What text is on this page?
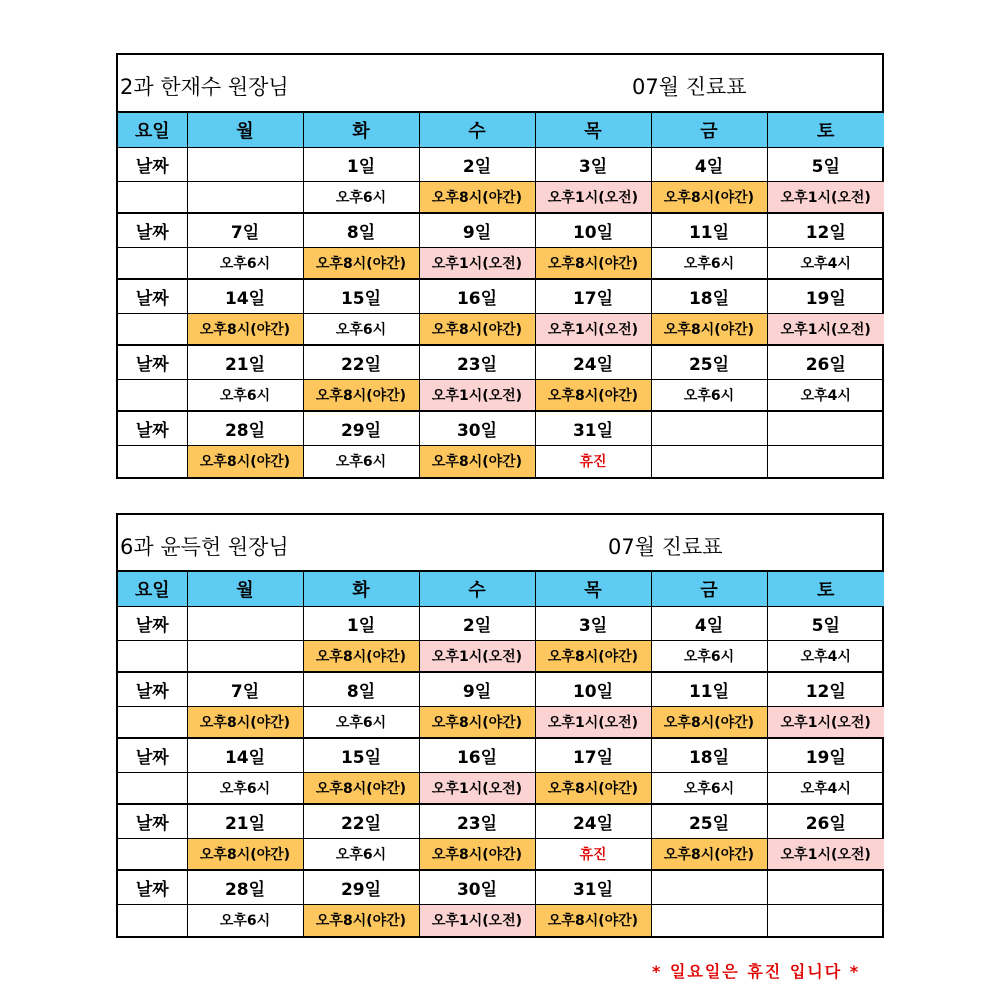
2과 한재수 원장님	07월 진료표
요일	월	화	수	목	금	토
날짜		1일	2일	3일	4일	5일
		오후6시	오후8시(야간)	오후1시(오전)	오후8시(야간)	오후1시(오전)
날짜	7일	8일	9일	10일	11일	12일
	오후6시	오후8시(야간)	오후1시(오전)	오후8시(야간)	오후6시	오후4시
날짜	14일	15일	16일	17일	18일	19일
	오후8시(야간)	오후6시	오후8시(야간)	오후1시(오전)	오후8시(야간)	오후1시(오전)
날짜	21일	22일	23일	24일	25일	26일
	오후6시	오후8시(야간)	오후1시(오전)	오후8시(야간)	오후6시	오후4시
날짜	28일	29일	30일	31일		
	오후8시(야간)	오후6시	오후8시(야간)	휴진		
6과 윤득헌 원장님	07월 진료표
요일	월	화	수	목	금	토
날짜		1일	2일	3일	4일	5일
		오후8시(야간)	오후1시(오전)	오후8시(야간)	오후6시	오후4시
날짜	7일	8일	9일	10일	11일	12일
	오후8시(야간)	오후6시	오후8시(야간)	오후1시(오전)	오후8시(야간)	오후1시(오전)
날짜	14일	15일	16일	17일	18일	19일
	오후6시	오후8시(야간)	오후1시(오전)	오후8시(야간)	오후6시	오후4시
날짜	21일	22일	23일	24일	25일	26일
	오후8시(야간)	오후6시	오후8시(야간)	휴진	오후8시(야간)	오후1시(오전)
날짜	28일	29일	30일	31일		
	오후6시	오후8시(야간)	오후1시(오전)	오후8시(야간)		
* 일요일은 휴진 입니다 *
